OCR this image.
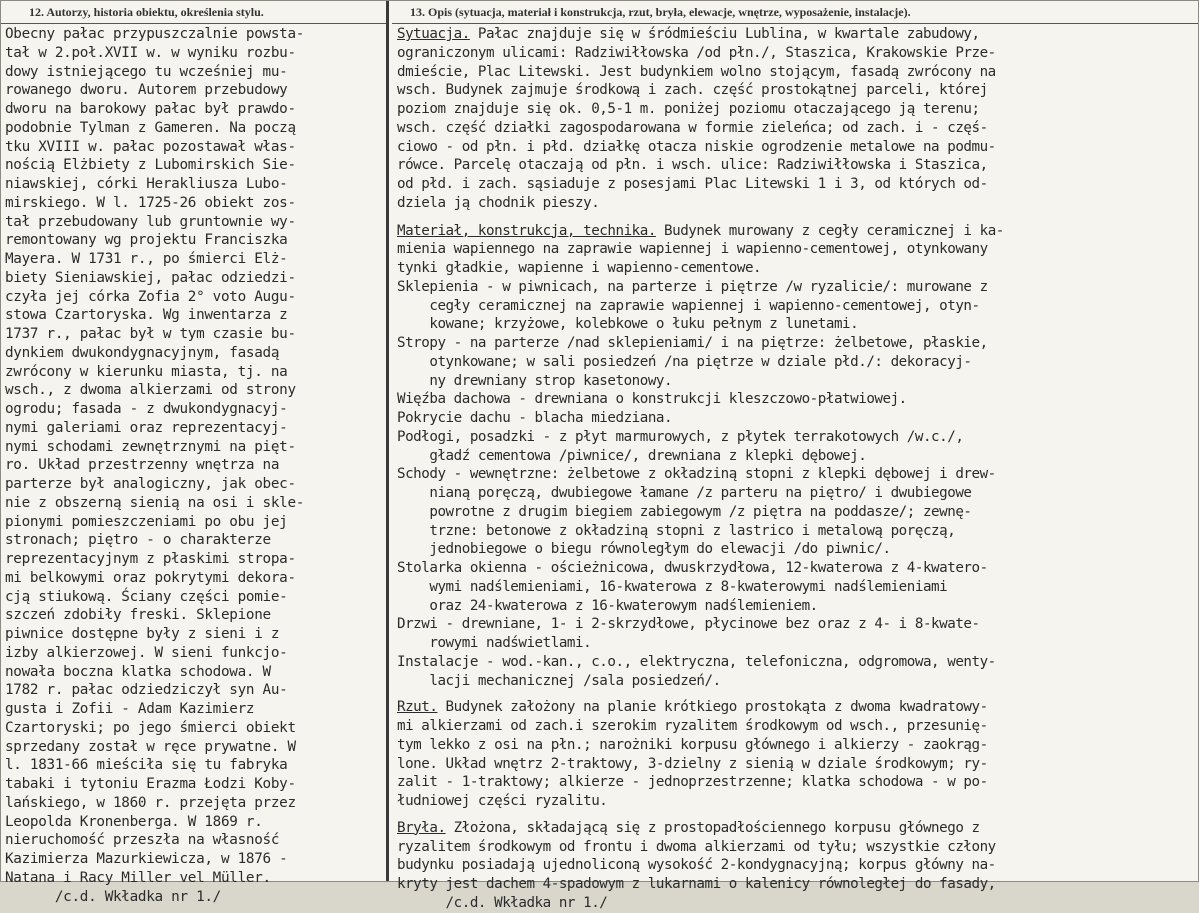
12. Autorzy, historia obiektu, określenia stylu.
Obecny pałac przypuszczalnie powsta-
tał w 2.poł.XVII w. w wyniku rozbu-
dowy istniejącego tu wcześniej mu-
rowanego dworu. Autorem przebudowy
dworu na barokowy pałac był prawdo-
podobnie Tylman z Gameren. Na począ
tku XVIII w. pałac pozostawał włas-
nością Elżbiety z Lubomirskich Sie-
niawskiej, córki Herakliusza Lubo-
mirskiego. W l. 1725-26 obiekt zos-
tał przebudowany lub gruntownie wy-
remontowany wg projektu Franciszka
Mayera. W 1731 r., po śmierci Elż-
biety Sieniawskiej, pałac odziedzi-
czyła jej córka Zofia 2° voto Augu-
stowa Czartoryska. Wg inwentarza z
1737 r., pałac był w tym czasie bu-
dynkiem dwukondygnacyjnym, fasadą
zwrócony w kierunku miasta, tj. na
wsch., z dwoma alkierzami od strony
ogrodu; fasada - z dwukondygnacyj-
nymi galeriami oraz reprezentacyj-
nymi schodami zewnętrznymi na pięt-
ro. Układ przestrzenny wnętrza na
parterze był analogiczny, jak obec-
nie z obszerną sienią na osi i skle-
pionymi pomieszczeniami po obu jej
stronach; piętro - o charakterze
reprezentacyjnym z płaskimi stropa-
mi belkowymi oraz pokrytymi dekora-
cją stiukową. Ściany części pomie-
szczeń zdobiły freski. Sklepione
piwnice dostępne były z sieni i z
izby alkierzowej. W sieni funkcjo-
nowała boczna klatka schodowa. W
1782 r. pałac odziedziczył syn Au-
gusta i Zofii - Adam Kazimierz
Czartoryski; po jego śmierci obiekt
sprzedany został w ręce prywatne. W
l. 1831-66 mieściła się tu fabryka
tabaki i tytoniu Erazma Łodzi Koby-
lańskiego, w 1860 r. przejęta przez
Leopolda Kronenberga. W 1869 r.
nieruchomość przeszła na własność
Kazimierza Mazurkiewicza, w 1876 -
Natana i Racy Miller vel Müller.
/c.d. Wkładka nr 1./
13. Opis (sytuacja, materiał i konstrukcja, rzut, bryła, elewacje, wnętrze, wyposażenie, instalacje).
Sytuacja. Pałac znajduje się w śródmieściu Lublina, w kwartale zabudowy,
ograniczonym ulicami: Radziwiłłowska /od płn./, Staszica, Krakowskie Prze-
dmieście, Plac Litewski. Jest budynkiem wolno stojącym, fasadą zwrócony na
wsch. Budynek zajmuje środkową i zach. część prostokątnej parceli, której
poziom znajduje się ok. 0,5-1 m. poniżej poziomu otaczającego ją terenu;
wsch. część działki zagospodarowana w formie zieleńca; od zach. i - częś-
ciowo - od płn. i płd. działkę otacza niskie ogrodzenie metalowe na podmu-
rówce. Parcelę otaczają od płn. i wsch. ulice: Radziwiłłowska i Staszica,
od płd. i zach. sąsiaduje z posesjami Plac Litewski 1 i 3, od których od-
dziela ją chodnik pieszy.
Materiał, konstrukcja, technika. Budynek murowany z cegły ceramicznej i ka-
mienia wapiennego na zaprawie wapiennej i wapienno-cementowej, otynkowany
tynki gładkie, wapienne i wapienno-cementowe.
Sklepienia - w piwnicach, na parterze i piętrze /w ryzalicie/: murowane z
cegły ceramicznej na zaprawie wapiennej i wapienno-cementowej, otyn-
kowane; krzyżowe, kolebkowe o łuku pełnym z lunetami.
Stropy - na parterze /nad sklepieniami/ i na piętrze: żelbetowe, płaskie,
otynkowane; w sali posiedzeń /na piętrze w dziale płd./: dekoracyj-
ny drewniany strop kasetonowy.
Więźba dachowa - drewniana o konstrukcji kleszczowo-płatwiowej.
Pokrycie dachu - blacha miedziana.
Podłogi, posadzki - z płyt marmurowych, z płytek terrakotowych /w.c./,
gładź cementowa /piwnice/, drewniana z klepki dębowej.
Schody - wewnętrzne: żelbetowe z okładziną stopni z klepki dębowej i drew-
nianą poręczą, dwubiegowe łamane /z parteru na piętro/ i dwubiegowe
powrotne z drugim biegiem zabiegowym /z piętra na poddasze/; zewnę-
trzne: betonowe z okładziną stopni z lastrico i metalową poręczą,
jednobiegowe o biegu równoległym do elewacji /do piwnic/.
Stolarka okienna - ościeżnicowa, dwuskrzydłowa, 12-kwaterowa z 4-kwatero-
wymi nadślemieniami, 16-kwaterowa z 8-kwaterowymi nadślemieniami
oraz 24-kwaterowa z 16-kwaterowym nadślemieniem.
Drzwi - drewniane, 1- i 2-skrzydłowe, płycinowe bez oraz z 4- i 8-kwate-
rowymi nadświetlami.
Instalacje - wod.-kan., c.o., elektryczna, telefoniczna, odgromowa, wenty-
lacji mechanicznej /sala posiedzeń/.
Rzut. Budynek założony na planie krótkiego prostokąta z dwoma kwadratowy-
mi alkierzami od zach.i szerokim ryzalitem środkowym od wsch., przesunię-
tym lekko z osi na płn.; narożniki korpusu głównego i alkierzy - zaokrąg-
lone. Układ wnętrz 2-traktowy, 3-dzielny z sienią w dziale środkowym; ry-
zalit - 1-traktowy; alkierze - jednoprzestrzenne; klatka schodowa - w po-
łudniowej części ryzalitu.
Bryła. Złożona, składającą się z prostopadłościennego korpusu głównego z
ryzalitem środkowym od frontu i dwoma alkierzami od tyłu; wszystkie człony
budynku posiadają ujednoliconą wysokość 2-kondygnacyjną; korpus główny na-
kryty jest dachem 4-spadowym z lukarnami o kalenicy równoległej do fasady,
/c.d. Wkładka nr 1./
